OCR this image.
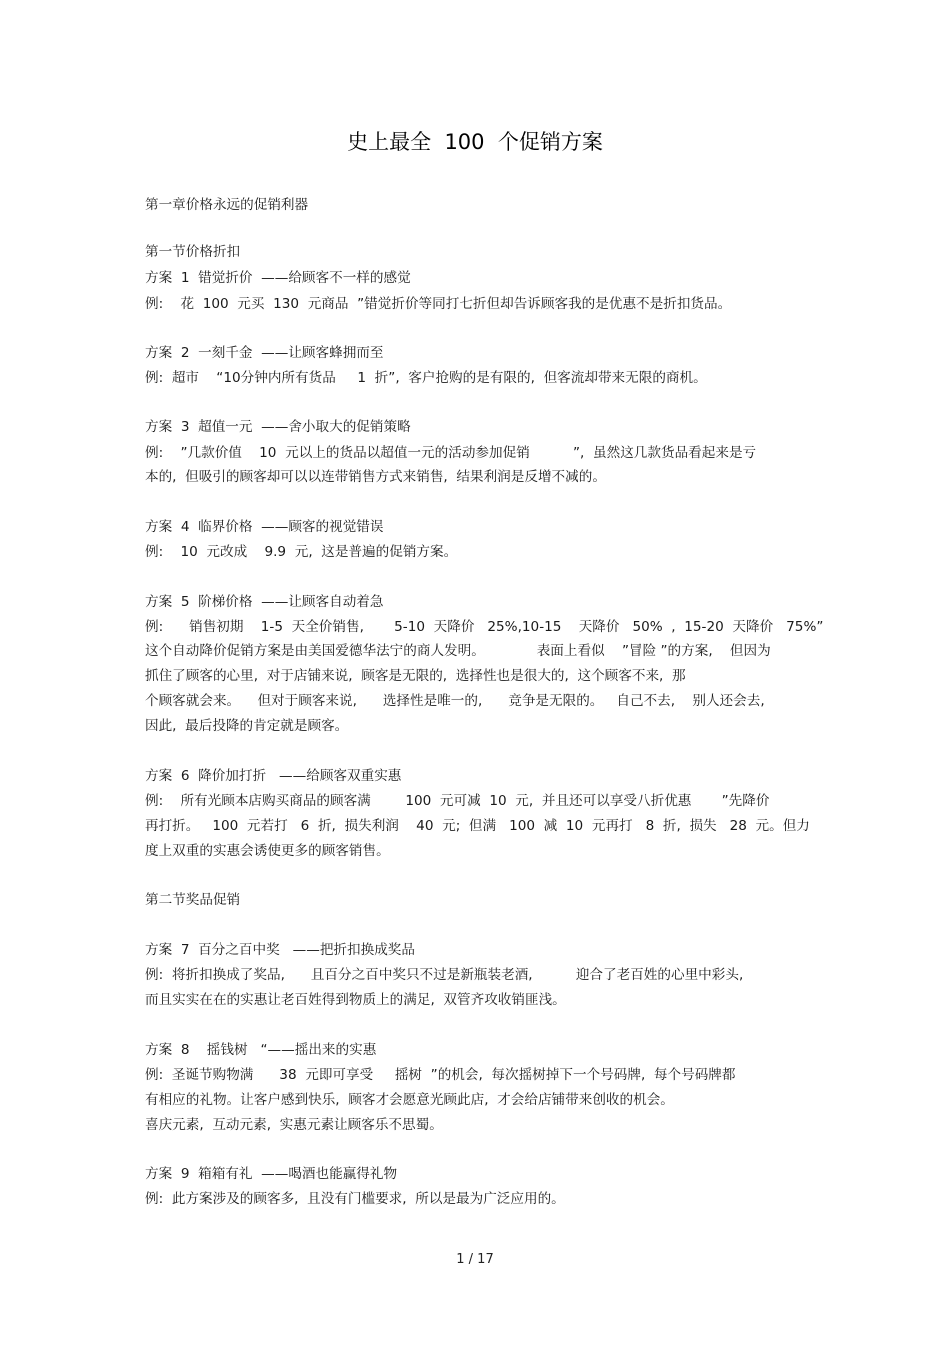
史上最全  100  个促销方案
第一章价格永远的促销利器
第一节价格折扣
方案  1  错觉折价  ——给顾客不一样的感觉
例:    花  100  元买  130  元商品  ”错觉折价等同打七折但却告诉顾客我的是优惠不是折扣货品。
方案  2  一刻千金  ——让顾客蜂拥而至
例:  超市    “10分钟内所有货品     1  折”,  客户抢购的是有限的,  但客流却带来无限的商机。
方案  3  超值一元  ——舍小取大的促销策略
例:    ”几款价值    10  元以上的货品以超值一元的活动参加促销          ”,  虽然这几款货品看起来是亏
本的,  但吸引的顾客却可以以连带销售方式来销售,  结果利润是反增不减的。
方案  4  临界价格  ——顾客的视觉错误
例:    10  元改成    9.9  元,  这是普遍的促销方案。
方案  5  阶梯价格  ——让顾客自动着急
例:      销售初期    1-5  天全价销售,       5-10  天降价   25%,10-15    天降价   50%  ,  15-20  天降价   75%”
这个自动降价促销方案是由美国爱德华法宁的商人发明。            表面上看似    ”冒险 ”的方案,    但因为
抓住了顾客的心里,  对于店铺来说,  顾客是无限的,  选择性也是很大的,  这个顾客不来,  那
个顾客就会来。    但对于顾客来说,      选择性是唯一的,      竞争是无限的。   自己不去,    别人还会去,
因此,  最后投降的肯定就是顾客。
方案  6  降价加打折   ——给顾客双重实惠
例:    所有光顾本店购买商品的顾客满        100  元可减  10  元,  并且还可以享受八折优惠       ”先降价
再打折。   100  元若打   6  折,  损失利润    40  元;  但满   100  减  10  元再打   8  折,  损失   28  元。但力
度上双重的实惠会诱使更多的顾客销售。
第二节奖品促销
方案  7  百分之百中奖   ——把折扣换成奖品
例:  将折扣换成了奖品,      且百分之百中奖只不过是新瓶装老酒,          迎合了老百姓的心里中彩头,
而且实实在在的实惠让老百姓得到物质上的满足,  双管齐攻收销匪浅。
方案  8    摇钱树   “——摇出来的实惠
例:  圣诞节购物满      38  元即可享受     摇树  ”的机会,  每次摇树掉下一个号码牌,  每个号码牌都
有相应的礼物。让客户感到快乐,  顾客才会愿意光顾此店,  才会给店铺带来创收的机会。
喜庆元素,  互动元素,  实惠元素让顾客乐不思蜀。
方案  9  箱箱有礼  ——喝酒也能赢得礼物
例:  此方案涉及的顾客多,  且没有门槛要求,  所以是最为广泛应用的。
1 / 17
